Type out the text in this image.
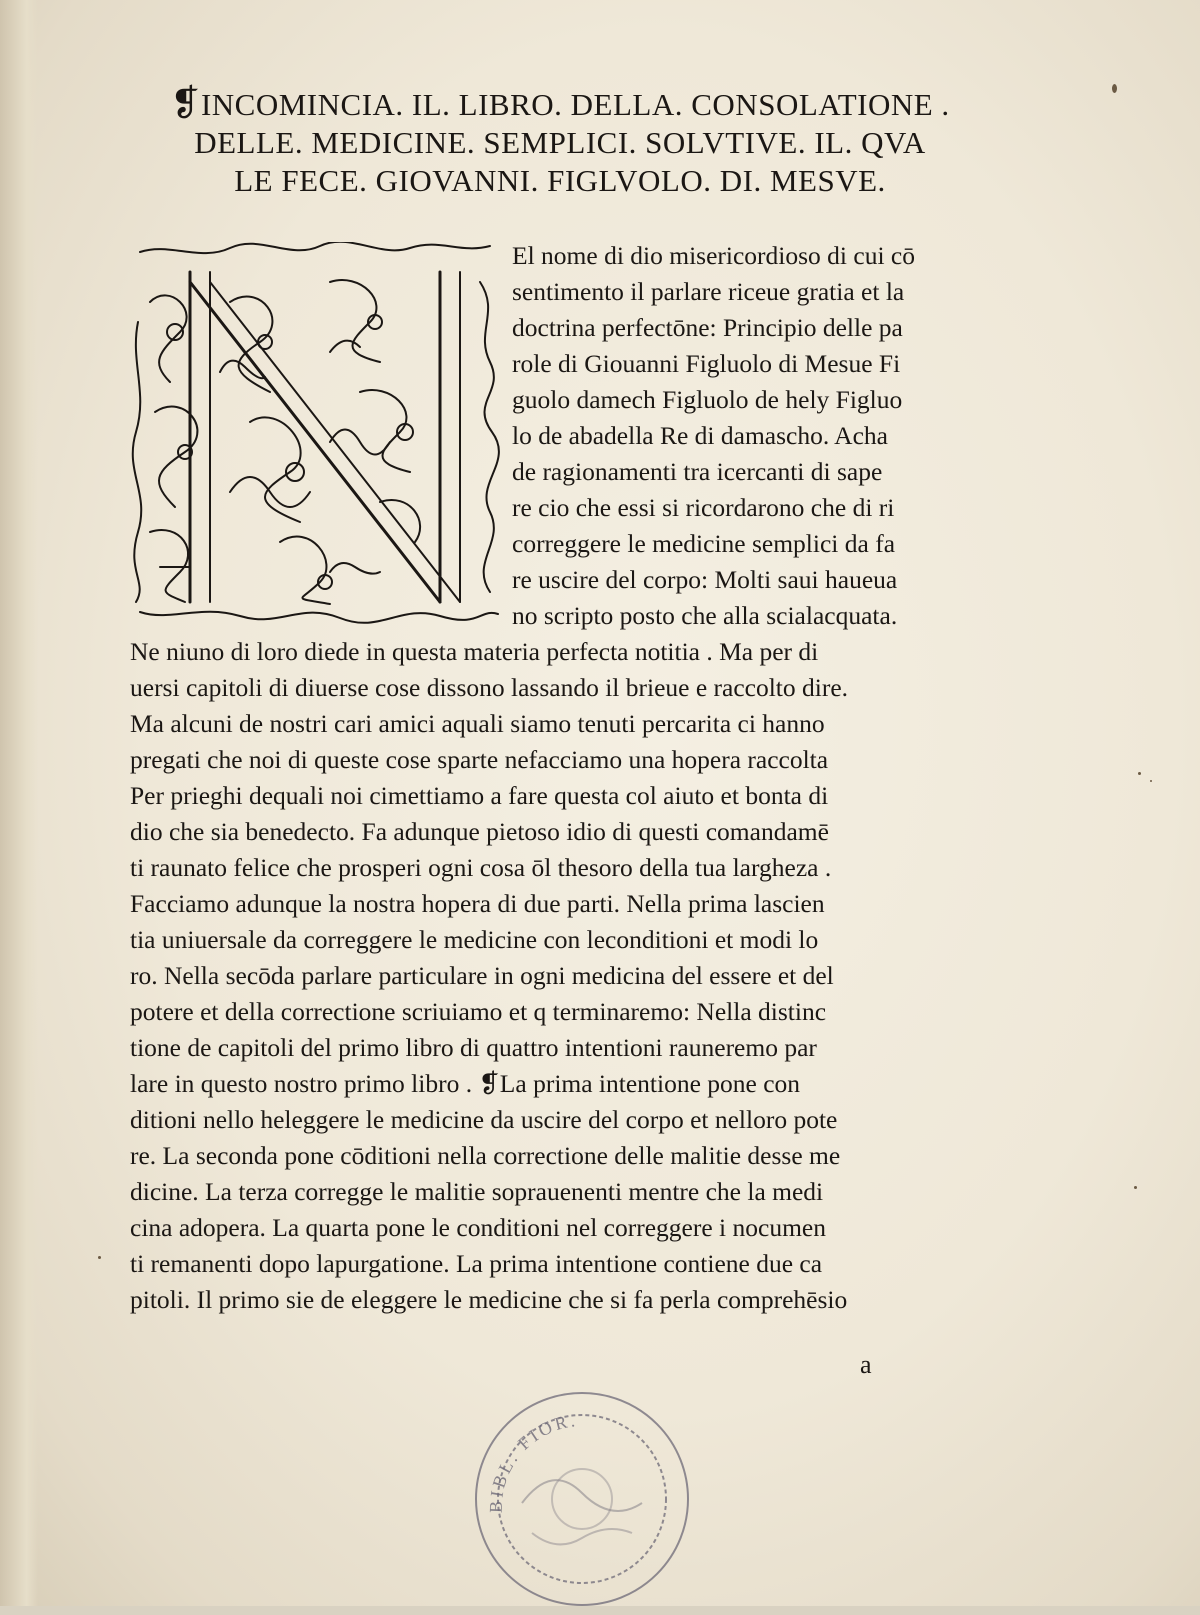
❡INCOMINCIA. IL. LIBRO. DELLA. CONSOLATIONE .
DELLE. MEDICINE. SEMPLICI. SOLVTIVE. IL. QVA
LE FECE. GIOVANNI. FIGLVOLO. DI. MESVE.
El nome di dio misericordioso di cui cō
sentimento il parlare riceue gratia et la
doctrina perfectōne: Principio delle pa
role di Giouanni Figluolo di Mesue Fi
guolo damech Figluolo de hely Figluo
lo de abadella Re di damascho. Acha
de ragionamenti tra icercanti di sape
re cio che essi si ricordarono che di ri
correggere le medicine semplici da fa
re uscire del corpo: Molti saui haueua
no scripto posto che alla scialacquata.
Ne niuno di loro diede in questa materia perfecta notitia . Ma per di
uersi capitoli di diuerse cose dissono lassando il brieue e raccolto dire.
Ma alcuni de nostri cari amici aquali siamo tenuti percarita ci hanno
pregati che noi di queste cose sparte nefacciamo una hopera raccolta
Per prieghi dequali noi cimettiamo a fare questa col aiuto et bonta di
dio che sia benedecto. Fa adunque pietoso idio di questi comandamē
ti raunato felice che prosperi ogni cosa ōl thesoro della tua largheza .
Facciamo adunque la nostra hopera di due parti. Nella prima lascien
tia uniuersale da correggere le medicine con leconditioni et modi lo
ro. Nella secōda parlare particulare in ogni medicina del essere et del
potere et della correctione scriuiamo et q terminaremo: Nella distinc
tione de capitoli del primo libro di quattro intentioni rauneremo par
lare in questo nostro primo libro . ❡La prima intentione pone con
ditioni nello heleggere le medicine da uscire del corpo et nelloro pote
re. La seconda pone cōditioni nella correctione delle malitie desse me
dicine. La terza corregge le malitie soprauenenti mentre che la medi
cina adopera. La quarta pone le conditioni nel correggere i nocumen
ti remanenti dopo lapurgatione. La prima intentione contiene due ca
pitoli. Il primo sie de eleggere le medicine che si fa perla comprehēsio
a
BIBL. FIOR.
